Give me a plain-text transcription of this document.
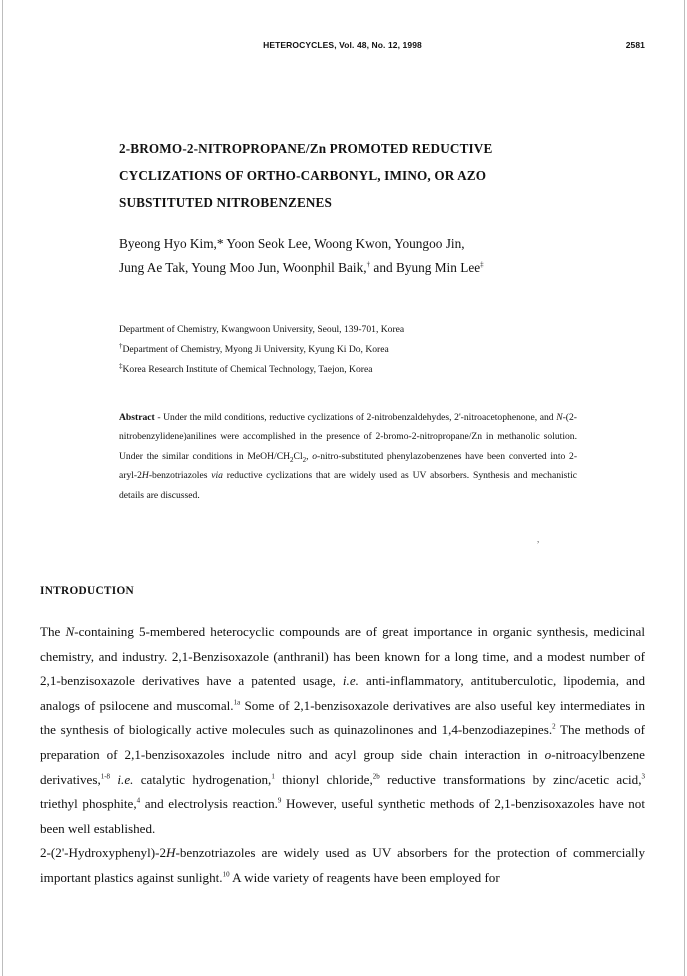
HETEROCYCLES, Vol. 48, No. 12, 1998	2581
2-BROMO-2-NITROPROPANE/Zn PROMOTED REDUCTIVE
CYCLIZATIONS OF ORTHO-CARBONYL, IMINO, OR AZO
SUBSTITUTED NITROBENZENES
Byeong Hyo Kim,* Yoon Seok Lee, Woong Kwon, Youngoo Jin,
Jung Ae Tak, Young Moo Jun, Woonphil Baik,† and Byung Min Lee‡
Department of Chemistry, Kwangwoon University, Seoul, 139-701, Korea
†Department of Chemistry, Myong Ji University, Kyung Ki Do, Korea
‡Korea Research Institute of Chemical Technology, Taejon, Korea
Abstract - Under the mild conditions, reductive cyclizations of 2-nitrobenzaldehydes, 2'-nitroacetophenone, and N-(2-nitrobenzylidene)anilines were accomplished in the presence of 2-bromo-2-nitropropane/Zn in methanolic solution. Under the similar conditions in MeOH/$CH_2Cl_2$, o-nitro-substituted phenylazobenzenes have been converted into 2-aryl-2H-benzotriazoles via reductive cyclizations that are widely used as UV absorbers. Synthesis and mechanistic details are discussed.
,
INTRODUCTION

The N-containing 5-membered heterocyclic compounds are of great importance in organic synthesis, medicinal chemistry, and industry. 2,1-Benzisoxazole (anthranil) has been known for a long time, and a modest number of 2,1-benzisoxazole derivatives have a patented usage, i.e. anti-inflammatory, antituberculotic, lipodemia, and analogs of psilocene and muscomal.$^{1a}$ Some of 2,1-benzisoxazole derivatives are also useful key intermediates in the synthesis of biologically active molecules such as quinazolinones and 1,4-benzodiazepines.$^2$ The methods of preparation of 2,1-benzisoxazoles include nitro and acyl group side chain interaction in o-nitroacylbenzene derivatives,$^{1-8}$ i.e. catalytic hydrogenation,$^1$ thionyl chloride,$^{2b}$ reductive transformations by zinc/acetic acid,$^3$ triethyl phosphite,$^4$ and electrolysis reaction.$^9$ However, useful synthetic methods of 2,1-benzisoxazoles have not been well established.

2-(2'-Hydroxyphenyl)-2H-benzotriazoles are widely used as UV absorbers for the protection of commercially important plastics against sunlight.$^{10}$ A wide variety of reagents have been employed for
